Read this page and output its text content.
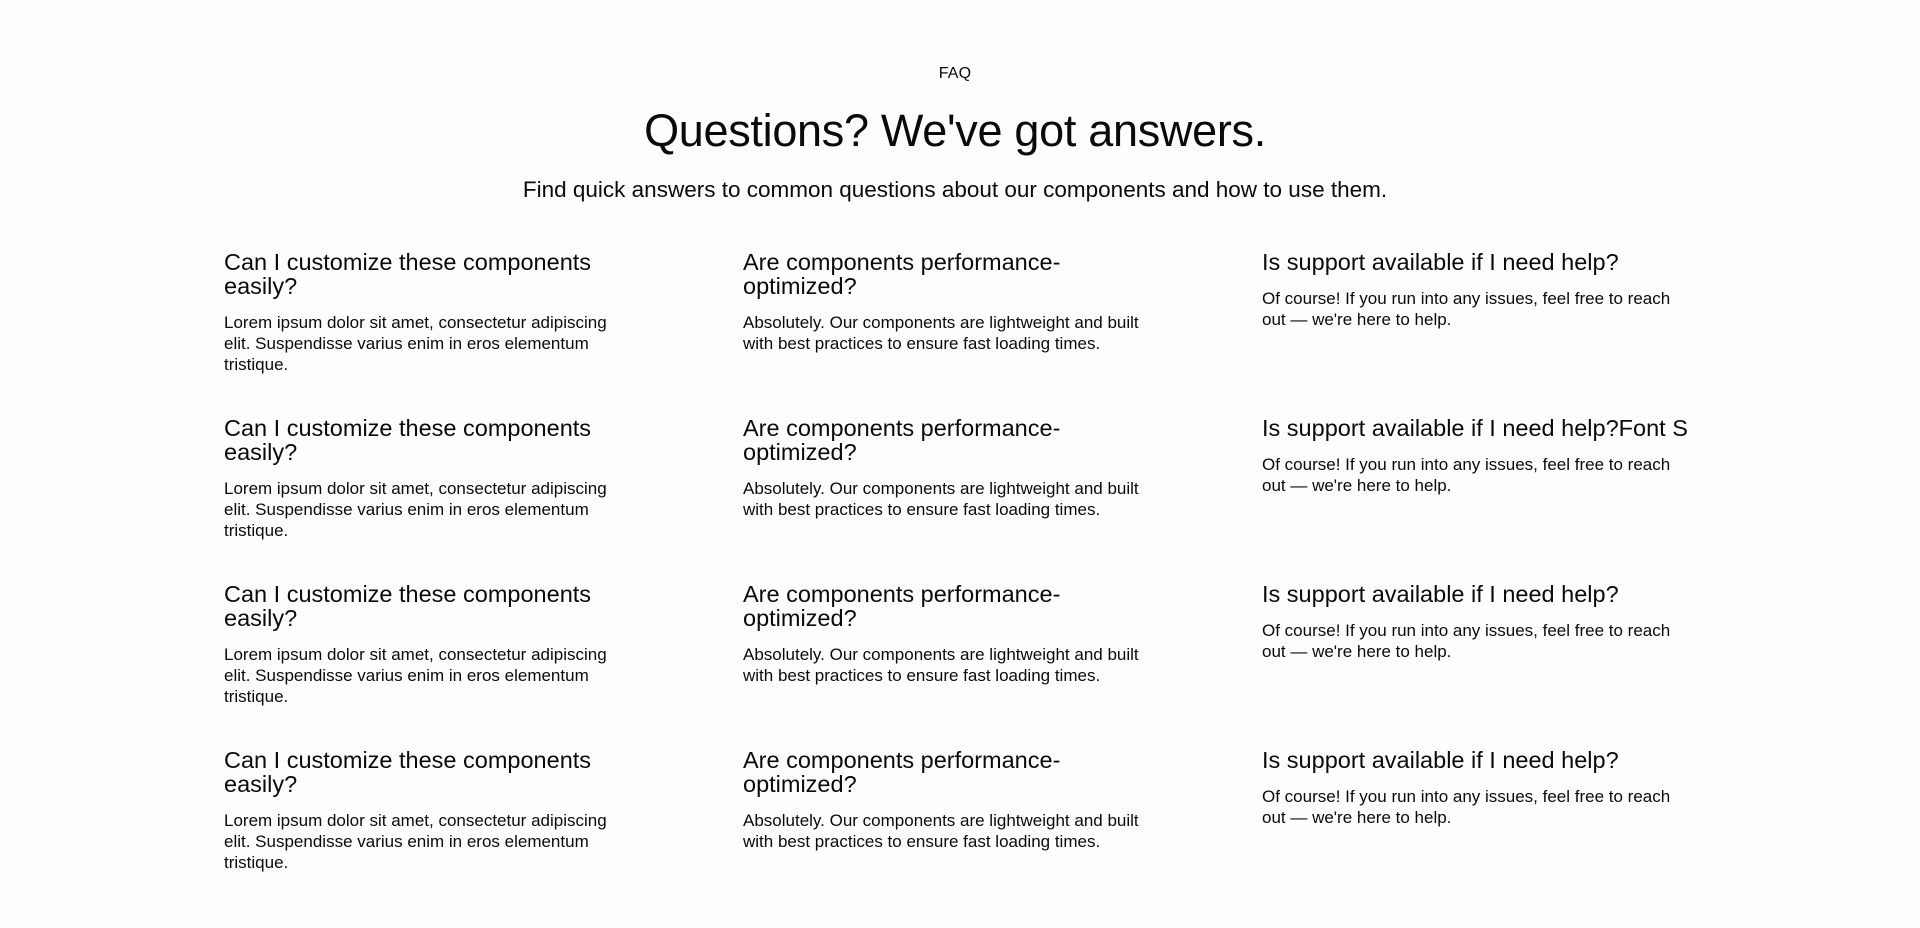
FAQ
Questions? We've got answers.

Find quick answers to common questions about our components and how to use them.

Can I customize these components easily?

Lorem ipsum dolor sit amet, consectetur adipiscing elit. Suspendisse varius enim in eros elementum tristique.

Are components performance-optimized?

Absolutely. Our components are lightweight and built with best practices to ensure fast loading times.

Is support available if I need help?

Of course! If you run into any issues, feel free to reach out — we're here to help.

Can I customize these components easily?

Lorem ipsum dolor sit amet, consectetur adipiscing elit. Suspendisse varius enim in eros elementum tristique.

Are components performance-optimized?

Absolutely. Our components are lightweight and built with best practices to ensure fast loading times.

Is support available if I need help?Font S

Of course! If you run into any issues, feel free to reach out — we're here to help.

Can I customize these components easily?

Lorem ipsum dolor sit amet, consectetur adipiscing elit. Suspendisse varius enim in eros elementum tristique.

Are components performance-optimized?

Absolutely. Our components are lightweight and built with best practices to ensure fast loading times.

Is support available if I need help?

Of course! If you run into any issues, feel free to reach out — we're here to help.

Can I customize these components easily?

Lorem ipsum dolor sit amet, consectetur adipiscing elit. Suspendisse varius enim in eros elementum tristique.

Are components performance-optimized?

Absolutely. Our components are lightweight and built with best practices to ensure fast loading times.

Is support available if I need help?

Of course! If you run into any issues, feel free to reach out — we're here to help.
